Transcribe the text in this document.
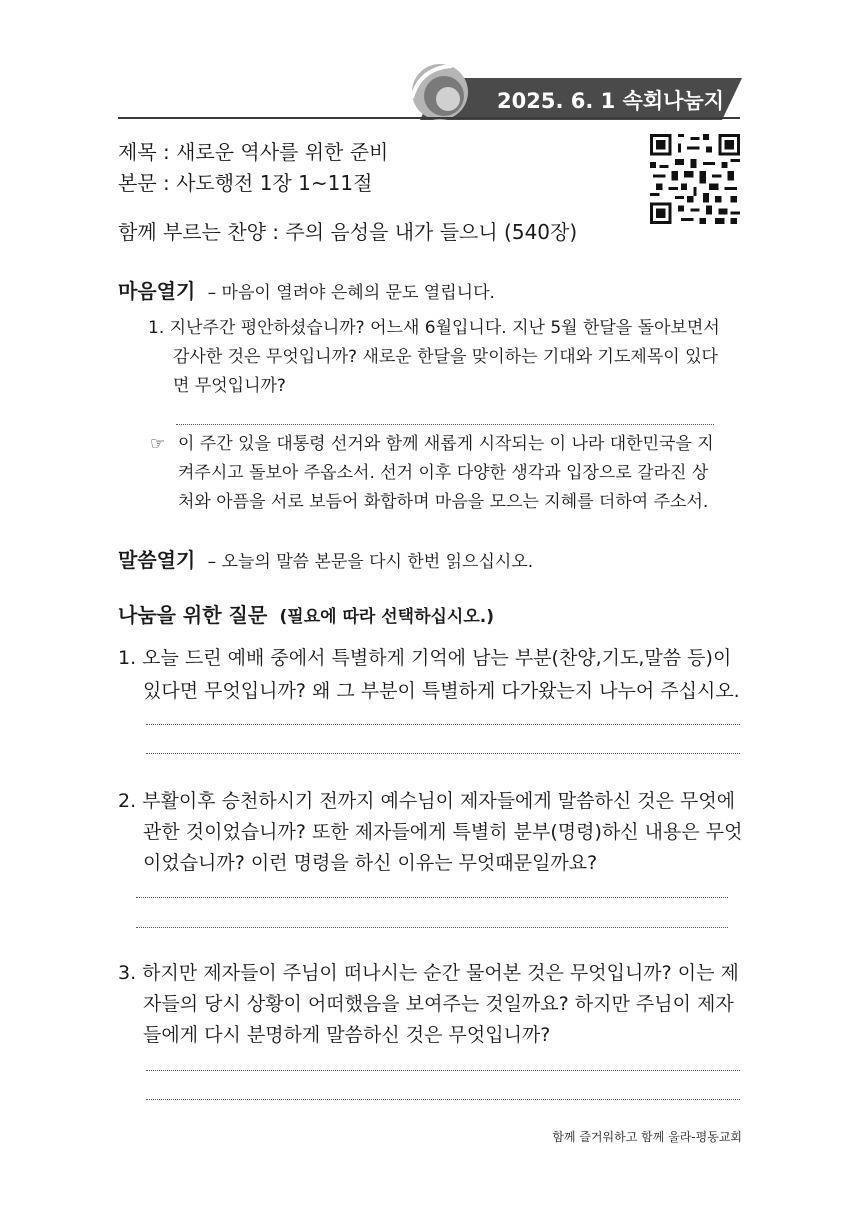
2025. 6. 1 속회나눔지
제목 : 새로운 역사를 위한 준비
본문 : 사도행전 1장 1~11절
함께 부르는 찬양 : 주의 음성을 내가 들으니 (540장)
마음열기 – 마음이 열려야 은혜의 문도 열립니다.
1. 지난주간 평안하셨습니까? 어느새 6월입니다. 지난 5월 한달을 돌아보면서
감사한 것은 무엇입니까? 새로운 한달을 맞이하는 기대와 기도제목이 있다
면 무엇입니까?
☞ 이 주간 있을 대통령 선거와 함께 새롭게 시작되는 이 나라 대한민국을 지
켜주시고 돌보아 주옵소서. 선거 이후 다양한 생각과 입장으로 갈라진 상
처와 아픔을 서로 보듬어 화합하며 마음을 모으는 지혜를 더하여 주소서.
말씀열기 – 오늘의 말씀 본문을 다시 한번 읽으십시오.
나눔을 위한 질문 (필요에 따라 선택하십시오.)
1. 오늘 드린 예배 중에서 특별하게 기억에 남는 부분(찬양,기도,말씀 등)이
있다면 무엇입니까? 왜 그 부분이 특별하게 다가왔는지 나누어 주십시오.
2. 부활이후 승천하시기 전까지 예수님이 제자들에게 말씀하신 것은 무엇에
관한 것이었습니까? 또한 제자들에게 특별히 분부(명령)하신 내용은 무엇
이었습니까? 이런 명령을 하신 이유는 무엇때문일까요?
3. 하지만 제자들이 주님이 떠나시는 순간 물어본 것은 무엇입니까? 이는 제
자들의 당시 상황이 어떠했음을 보여주는 것일까요? 하지만 주님이 제자
들에게 다시 분명하게 말씀하신 것은 무엇입니까?
함께 즐거워하고 함께 울라-평동교회
